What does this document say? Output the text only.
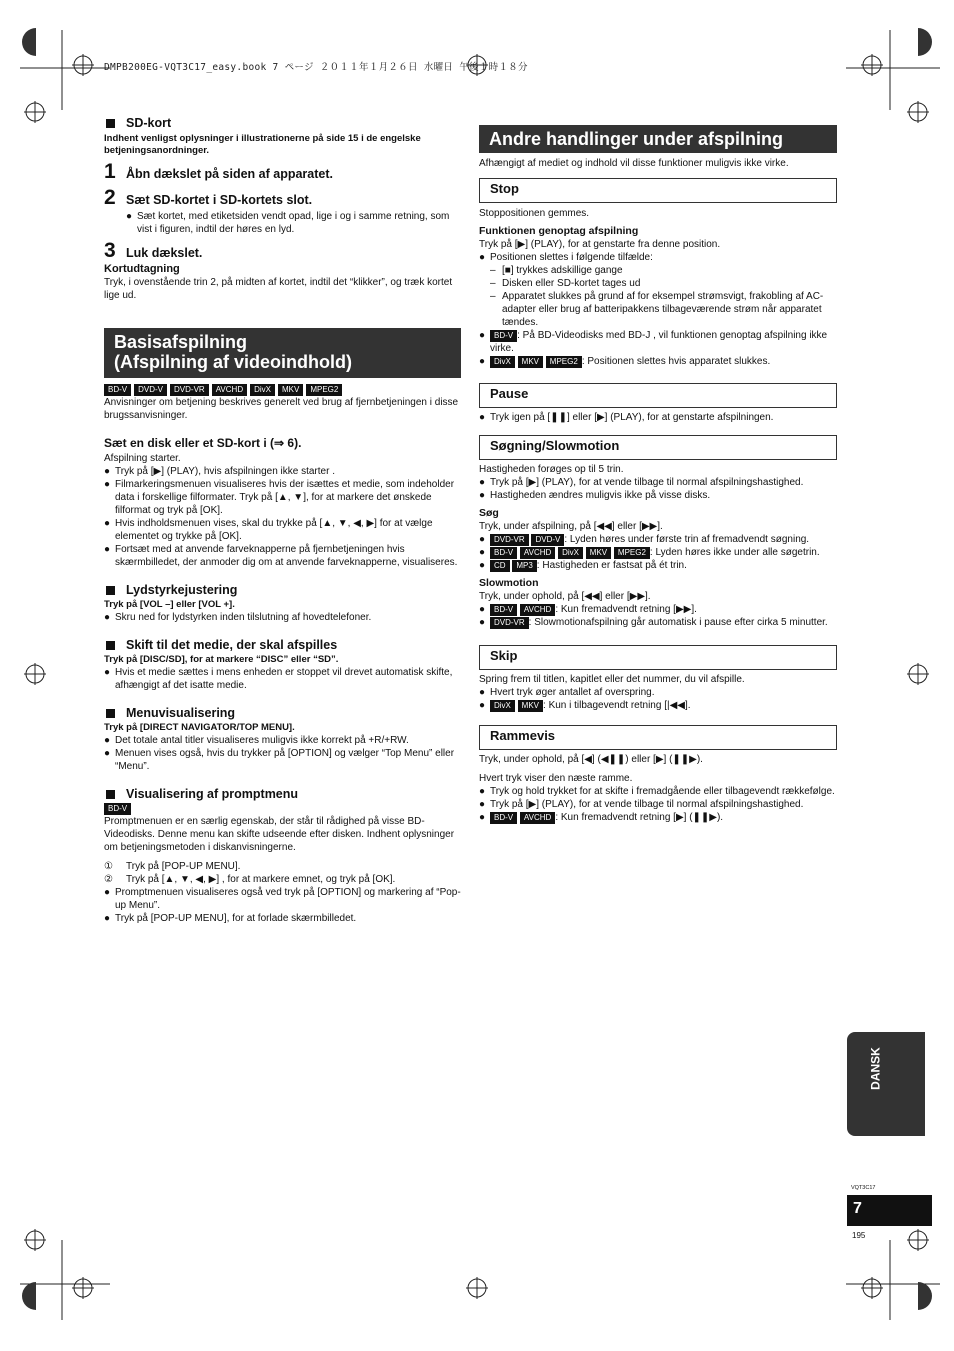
DMPB200EG-VQT3C17_easy.book 7 ページ ２０１１年１月２６日 水曜日 午後１時１８分
SD-kort
Indhent venligst oplysninger i illustrationerne på side 15 i de engelske betjeningsanordninger.
1 Åbn dækslet på siden af apparatet.
2 Sæt SD-kortet i SD-kortets slot.
● Sæt kortet, med etiketsiden vendt opad, lige i og i samme retning, som vist i figuren, indtil der høres en lyd.
3 Luk dækslet.
Kortudtagning
Tryk, i ovenstående trin 2, på midten af kortet, indtil det “klikker”, og træk kortet lige ud.
Basisafspilning
(Afspilning af videoindhold)
BD-V	DVD-V	DVD-VR	AVCHD	DivX	MKV	MPEG2
Anvisninger om betjening beskrives generelt ved brug af fjernbetjeningen i disse brugssanvisninger.
Sæt en disk eller et SD-kort i (⇒ 6).
Afspilning starter.
● Tryk på [▶] (PLAY), hvis afspilningen ikke starter .
● Filmarkeringsmenuen visualiseres hvis der isættes et medie, som indeholder data i forskellige filformater. Tryk på [▲, ▼], for at markere det ønskede filformat og tryk på [OK].
● Hvis indholdsmenuen vises, skal du trykke på [▲, ▼, ◀, ▶] for at vælge elementet og trykke på [OK].
● Fortsæt med at anvende farveknapperne på fjernbetjeningen hvis skærmbilledet, der anmoder dig om at anvende farveknapperne, visualiseres.
Lydstyrkejustering
Tryk på [VOL –] eller [VOL +].
● Skru ned for lydstyrken inden tilslutning af hovedtelefoner.
Skift til det medie, der skal afspilles
Tryk på [DISC/SD], for at markere “DISC” eller “SD”.
● Hvis et medie sættes i mens enheden er stoppet vil drevet automatisk skifte, afhængigt af det isatte medie.
Menuvisualisering
Tryk på [DIRECT NAVIGATOR/TOP MENU].
● Det totale antal titler visualiseres muligvis ikke korrekt på +R/+RW.
● Menuen vises også, hvis du trykker på [OPTION] og vælger “Top Menu” eller “Menu”.
Visualisering af promptmenu
BD-V
Promptmenuen er en særlig egenskab, der står til rådighed på visse BD-Videodisks. Denne menu kan skifte udseende efter disken. Indhent oplysninger om betjeningsmetoden i diskanvisningerne.
①	Tryk på [POP-UP MENU].
②	Tryk på [▲, ▼, ◀, ▶] , for at markere emnet, og tryk på [OK].
● Promptmenuen visualiseres også ved tryk på [OPTION] og markering af “Pop-up Menu”.
● Tryk på [POP-UP MENU], for at forlade skærmbilledet.
Andre handlinger under afspilning
Afhængigt af mediet og indhold vil disse funktioner muligvis ikke virke.
Stop
Stoppositionen gemmes.
Funktionen genoptag afspilning
Tryk på [▶] (PLAY), for at genstarte fra denne position.
● Positionen slettes i følgende tilfælde:
– [■] trykkes adskillige gange
– Disken eller SD-kortet tages ud
– Apparatet slukkes på grund af for eksempel strømsvigt, frakobling af AC-adapter eller brug af batteripakkens tilbageværende strøm når apparatet tændes.
●	BD-V : På BD-Videodisks med BD-J , vil funktionen genoptag afspilning ikke virke.
●	DivX MKV MPEG2 : Positionen slettes hvis apparatet slukkes.
Pause
● Tryk igen på [❚❚] eller [▶] (PLAY), for at genstarte afspilningen.
Søgning/Slowmotion
Hastigheden forøges op til 5 trin.
● Tryk på [▶] (PLAY), for at vende tilbage til normal afspilningshastighed.
● Hastigheden ændres muligvis ikke på visse disks.
Søg
Tryk, under afspilning, på [◀◀] eller [▶▶].
●	DVD-VR DVD-V : Lyden høres under første trin af fremadvendt søgning.
●	BD-V AVCHD DivX MKV MPEG2 : Lyden høres ikke under alle søgetrin.
●	CD MP3 : Hastigheden er fastsat på ét trin.
Slowmotion
Tryk, under ophold, på [◀◀] eller [▶▶].
●	BD-V AVCHD : Kun fremadvendt retning [▶▶].
●	DVD-VR : Slowmotionafspilning går automatisk i pause efter cirka 5 minutter.
Skip
Spring frem til titlen, kapitlet eller det nummer, du vil afspille.
● Hvert tryk øger antallet af overspring.
●	DivX MKV : Kun i tilbagevendt retning [|◀◀].
Rammevis
Tryk, under ophold, på [◀] (◀❚❚) eller [▶] (❚❚▶).
Hvert tryk viser den næste ramme.
● Tryk og hold trykket for at skifte i fremadgående eller tilbagevendt rækkefølge.
● Tryk på [▶] (PLAY), for at vende tilbage til normal afspilningshastighed.
●	BD-V AVCHD : Kun fremadvendt retning [▶] (❚❚▶).
DANSK
VQT3C17
7
195
